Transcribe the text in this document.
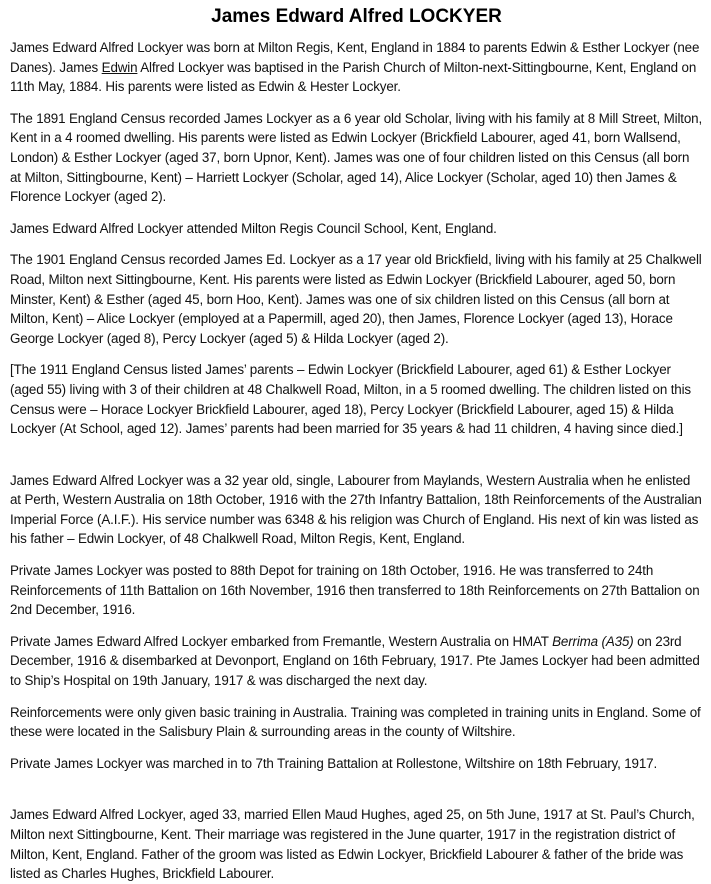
James Edward Alfred LOCKYER

James Edward Alfred Lockyer was born at Milton Regis, Kent, England in 1884 to parents Edwin & Esther Lockyer (nee Danes). James Edwin Alfred Lockyer was baptised in the Parish Church of Milton-next-Sittingbourne, Kent, England on 11th May, 1884. His parents were listed as Edwin & Hester Lockyer.

The 1891 England Census recorded James Lockyer as a 6 year old Scholar, living with his family at 8 Mill Street, Milton, Kent in a 4 roomed dwelling. His parents were listed as Edwin Lockyer (Brickfield Labourer, aged 41, born Wallsend, London) & Esther Lockyer (aged 37, born Upnor, Kent). James was one of four children listed on this Census (all born at Milton, Sittingbourne, Kent) – Harriett Lockyer (Scholar, aged 14), Alice Lockyer (Scholar, aged 10) then James & Florence Lockyer (aged 2).

James Edward Alfred Lockyer attended Milton Regis Council School, Kent, England.

The 1901 England Census recorded James Ed. Lockyer as a 17 year old Brickfield, living with his family at 25 Chalkwell Road, Milton next Sittingbourne, Kent. His parents were listed as Edwin Lockyer (Brickfield Labourer, aged 50, born Minster, Kent) & Esther (aged 45, born Hoo, Kent). James was one of six children listed on this Census (all born at Milton, Kent) – Alice Lockyer (employed at a Papermill, aged 20), then James, Florence Lockyer (aged 13), Horace George Lockyer (aged 8), Percy Lockyer (aged 5) & Hilda Lockyer (aged 2).

[The 1911 England Census listed James’ parents – Edwin Lockyer (Brickfield Labourer, aged 61) & Esther Lockyer (aged 55) living with 3 of their children at 48 Chalkwell Road, Milton, in a 5 roomed dwelling. The children listed on this Census were – Horace Lockyer Brickfield Labourer, aged 18), Percy Lockyer (Brickfield Labourer, aged 15) & Hilda Lockyer (At School, aged 12). James’ parents had been married for 35 years & had 11 children, 4 having since died.]

James Edward Alfred Lockyer was a 32 year old, single, Labourer from Maylands, Western Australia when he enlisted at Perth, Western Australia on 18th October, 1916 with the 27th Infantry Battalion, 18th Reinforcements of the Australian Imperial Force (A.I.F.). His service number was 6348 & his religion was Church of England. His next of kin was listed as his father – Edwin Lockyer, of 48 Chalkwell Road, Milton Regis, Kent, England.

Private James Lockyer was posted to 88th Depot for training on 18th October, 1916. He was transferred to 24th Reinforcements of 11th Battalion on 16th November, 1916 then transferred to 18th Reinforcements on 27th Battalion on 2nd December, 1916.

Private James Edward Alfred Lockyer embarked from Fremantle, Western Australia on HMAT Berrima (A35) on 23rd December, 1916 & disembarked at Devonport, England on 16th February, 1917. Pte James Lockyer had been admitted to Ship’s Hospital on 19th January, 1917 & was discharged the next day.

Reinforcements were only given basic training in Australia. Training was completed in training units in England. Some of these were located in the Salisbury Plain & surrounding areas in the county of Wiltshire.

Private James Lockyer was marched in to 7th Training Battalion at Rollestone, Wiltshire on 18th February, 1917.

James Edward Alfred Lockyer, aged 33, married Ellen Maud Hughes, aged 25, on 5th June, 1917 at St. Paul’s Church, Milton next Sittingbourne, Kent. Their marriage was registered in the June quarter, 1917 in the registration district of Milton, Kent, England. Father of the groom was listed as Edwin Lockyer, Brickfield Labourer & father of the bride was listed as Charles Hughes, Brickfield Labourer.
